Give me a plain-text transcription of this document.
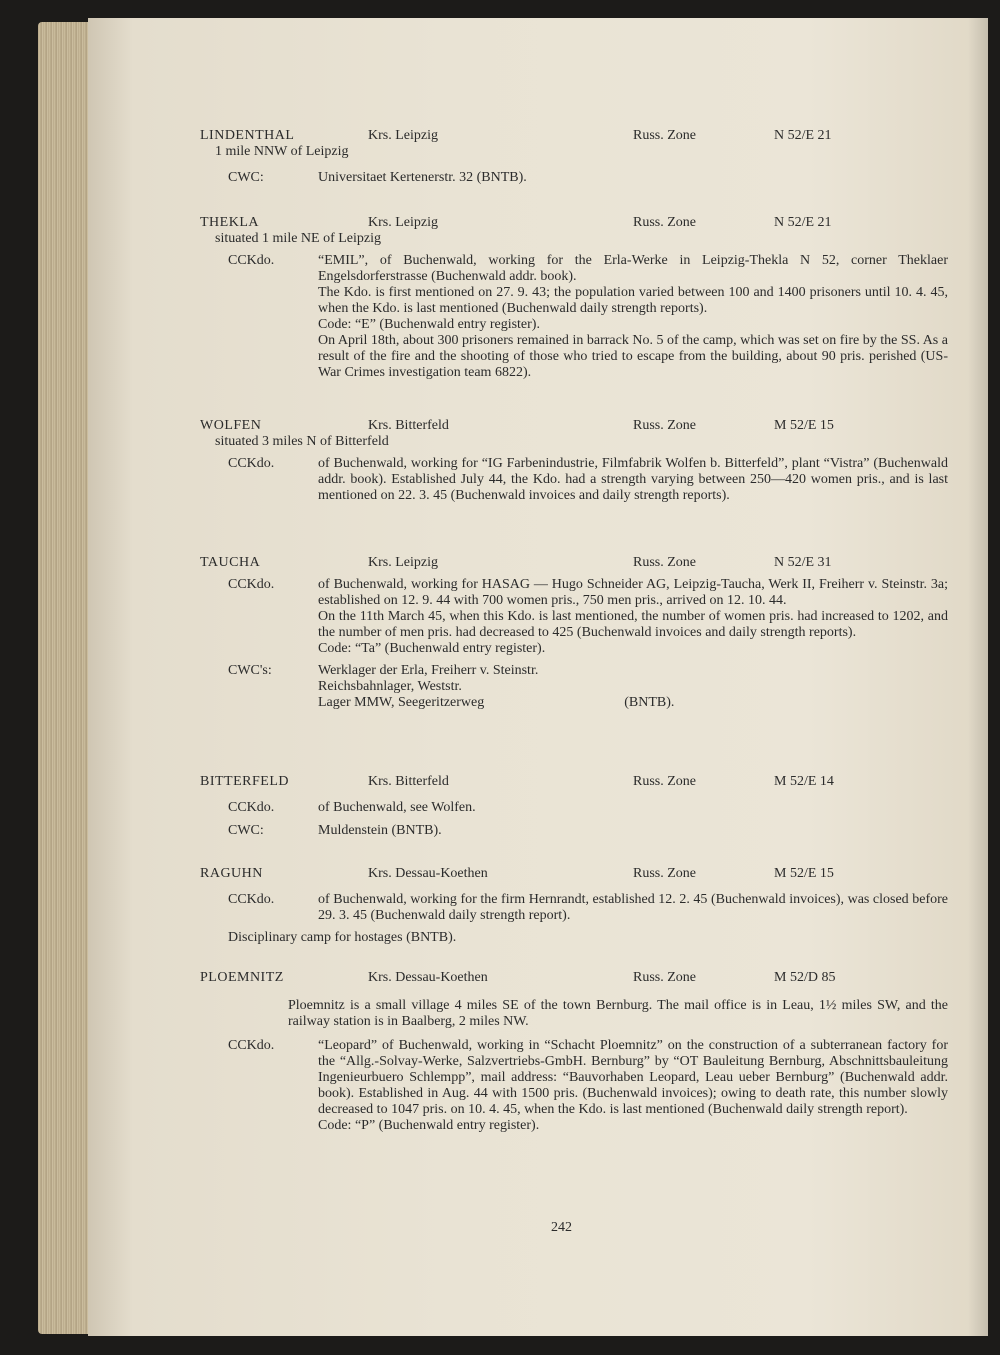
LINDENTHAL	Krs. Leipzig	Russ. Zone	N 52/E 21
1 mile NNW of Leipzig
CWC:	Universitaet Kertenerstr. 32 (BNTB).
THEKLA	Krs. Leipzig	Russ. Zone	N 52/E 21
situated 1 mile NE of Leipzig
CCKdo.	“EMIL”, of Buchenwald, working for the Erla-Werke in Leipzig-Thekla N 52, corner Theklaer Engelsdorferstrasse (Buchenwald addr. book).

The Kdo. is first mentioned on 27. 9. 43; the population varied between 100 and 1400 prisoners until 10. 4. 45, when the Kdo. is last mentioned (Buchenwald daily strength reports).

Code: “E” (Buchenwald entry register).

On April 18th, about 300 prisoners remained in barrack No. 5 of the camp, which was set on fire by the SS. As a result of the fire and the shooting of those who tried to escape from the building, about 90 pris. perished (US-War Crimes investigation team 6822).

WOLFEN	Krs. Bitterfeld	Russ. Zone	M 52/E 15
situated 3 miles N of Bitterfeld
CCKdo.	of Buchenwald, working for “IG Farbenindustrie, Filmfabrik Wolfen b. Bitterfeld”, plant “Vistra” (Buchenwald addr. book). Established July 44, the Kdo. had a strength varying between 250—420 women pris., and is last mentioned on 22. 3. 45 (Buchenwald invoices and daily strength reports).

TAUCHA	Krs. Leipzig	Russ. Zone	N 52/E 31
CCKdo.	of Buchenwald, working for HASAG — Hugo Schneider AG, Leipzig-Taucha, Werk II, Freiherr v. Steinstr. 3a; established on 12. 9. 44 with 700 women pris., 750 men pris., arrived on 12. 10. 44.

On the 11th March 45, when this Kdo. is last mentioned, the number of women pris. had increased to 1202, and the number of men pris. had decreased to 425 (Buchenwald invoices and daily strength reports).

Code: “Ta” (Buchenwald entry register).

CWC's:	Werklager der Erla, Freiherr v. Steinstr.

Reichsbahnlager, Weststr.

Lager MMW, Seegeritzerweg	(BNTB).

BITTERFELD	Krs. Bitterfeld	Russ. Zone	M 52/E 14
CCKdo.	of Buchenwald, see Wolfen.
CWC:	Muldenstein (BNTB).
RAGUHN	Krs. Dessau-Koethen	Russ. Zone	M 52/E 15
CCKdo.	of Buchenwald, working for the firm Hernrandt, established 12. 2. 45 (Buchenwald invoices), was closed before 29. 3. 45 (Buchenwald daily strength report).

Disciplinary camp for hostages (BNTB).
PLOEMNITZ	Krs. Dessau-Koethen	Russ. Zone	M 52/D 85
Ploemnitz is a small village 4 miles SE of the town Bernburg. The mail office is in Leau, 1½ miles SW, and the railway station is in Baalberg, 2 miles NW.
CCKdo.	“Leopard” of Buchenwald, working in “Schacht Ploemnitz” on the construction of a subterranean factory for the “Allg.-Solvay-Werke, Salzvertriebs-GmbH. Bernburg” by “OT Bauleitung Bernburg, Abschnittsbauleitung Ingenieurbuero Schlempp”, mail address: “Bauvorhaben Leopard, Leau ueber Bernburg” (Buchenwald addr. book). Established in Aug. 44 with 1500 pris. (Buchenwald invoices); owing to death rate, this number slowly decreased to 1047 pris. on 10. 4. 45, when the Kdo. is last mentioned (Buchenwald daily strength report).

Code: “P” (Buchenwald entry register).

242
